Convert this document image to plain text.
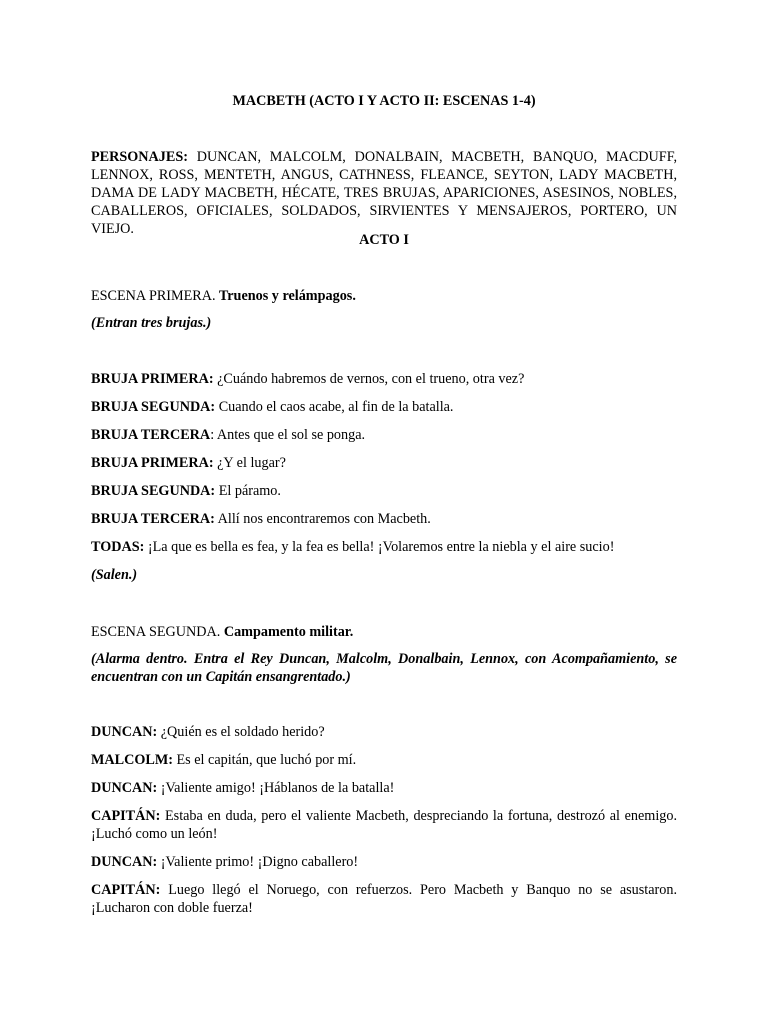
MACBETH (ACTO I Y ACTO II: ESCENAS 1-4)
PERSONAJES: DUNCAN, MALCOLM, DONALBAIN, MACBETH, BANQUO, MACDUFF, LENNOX, ROSS, MENTETH, ANGUS, CATHNESS, FLEANCE, SEYTON, LADY MACBETH, DAMA DE LADY MACBETH, HÉCATE, TRES BRUJAS, APARICIONES, ASESINOS, NOBLES, CABALLEROS, OFICIALES, SOLDADOS, SIRVIENTES Y MENSAJEROS, PORTERO, UN VIEJO.
ACTO I
ESCENA PRIMERA. Truenos y relámpagos.
(Entran tres brujas.)
BRUJA PRIMERA: ¿Cuándo habremos de vernos, con el trueno, otra vez?
BRUJA SEGUNDA: Cuando el caos acabe, al fin de la batalla.
BRUJA TERCERA: Antes que el sol se ponga.
BRUJA PRIMERA: ¿Y el lugar?
BRUJA SEGUNDA: El páramo.
BRUJA TERCERA: Allí nos encontraremos con Macbeth.
TODAS: ¡La que es bella es fea, y la fea es bella! ¡Volaremos entre la niebla y el aire sucio!
(Salen.)
ESCENA SEGUNDA. Campamento militar.
(Alarma dentro. Entra el Rey Duncan, Malcolm, Donalbain, Lennox, con Acompañamiento, se encuentran con un Capitán ensangrentado.)
DUNCAN: ¿Quién es el soldado herido?
MALCOLM: Es el capitán, que luchó por mí.
DUNCAN: ¡Valiente amigo! ¡Háblanos de la batalla!
CAPITÁN: Estaba en duda, pero el valiente Macbeth, despreciando la fortuna, destrozó al enemigo. ¡Luchó como un león!
DUNCAN: ¡Valiente primo! ¡Digno caballero!
CAPITÁN: Luego llegó el Noruego, con refuerzos. Pero Macbeth y Banquo no se asustaron. ¡Lucharon con doble fuerza!
